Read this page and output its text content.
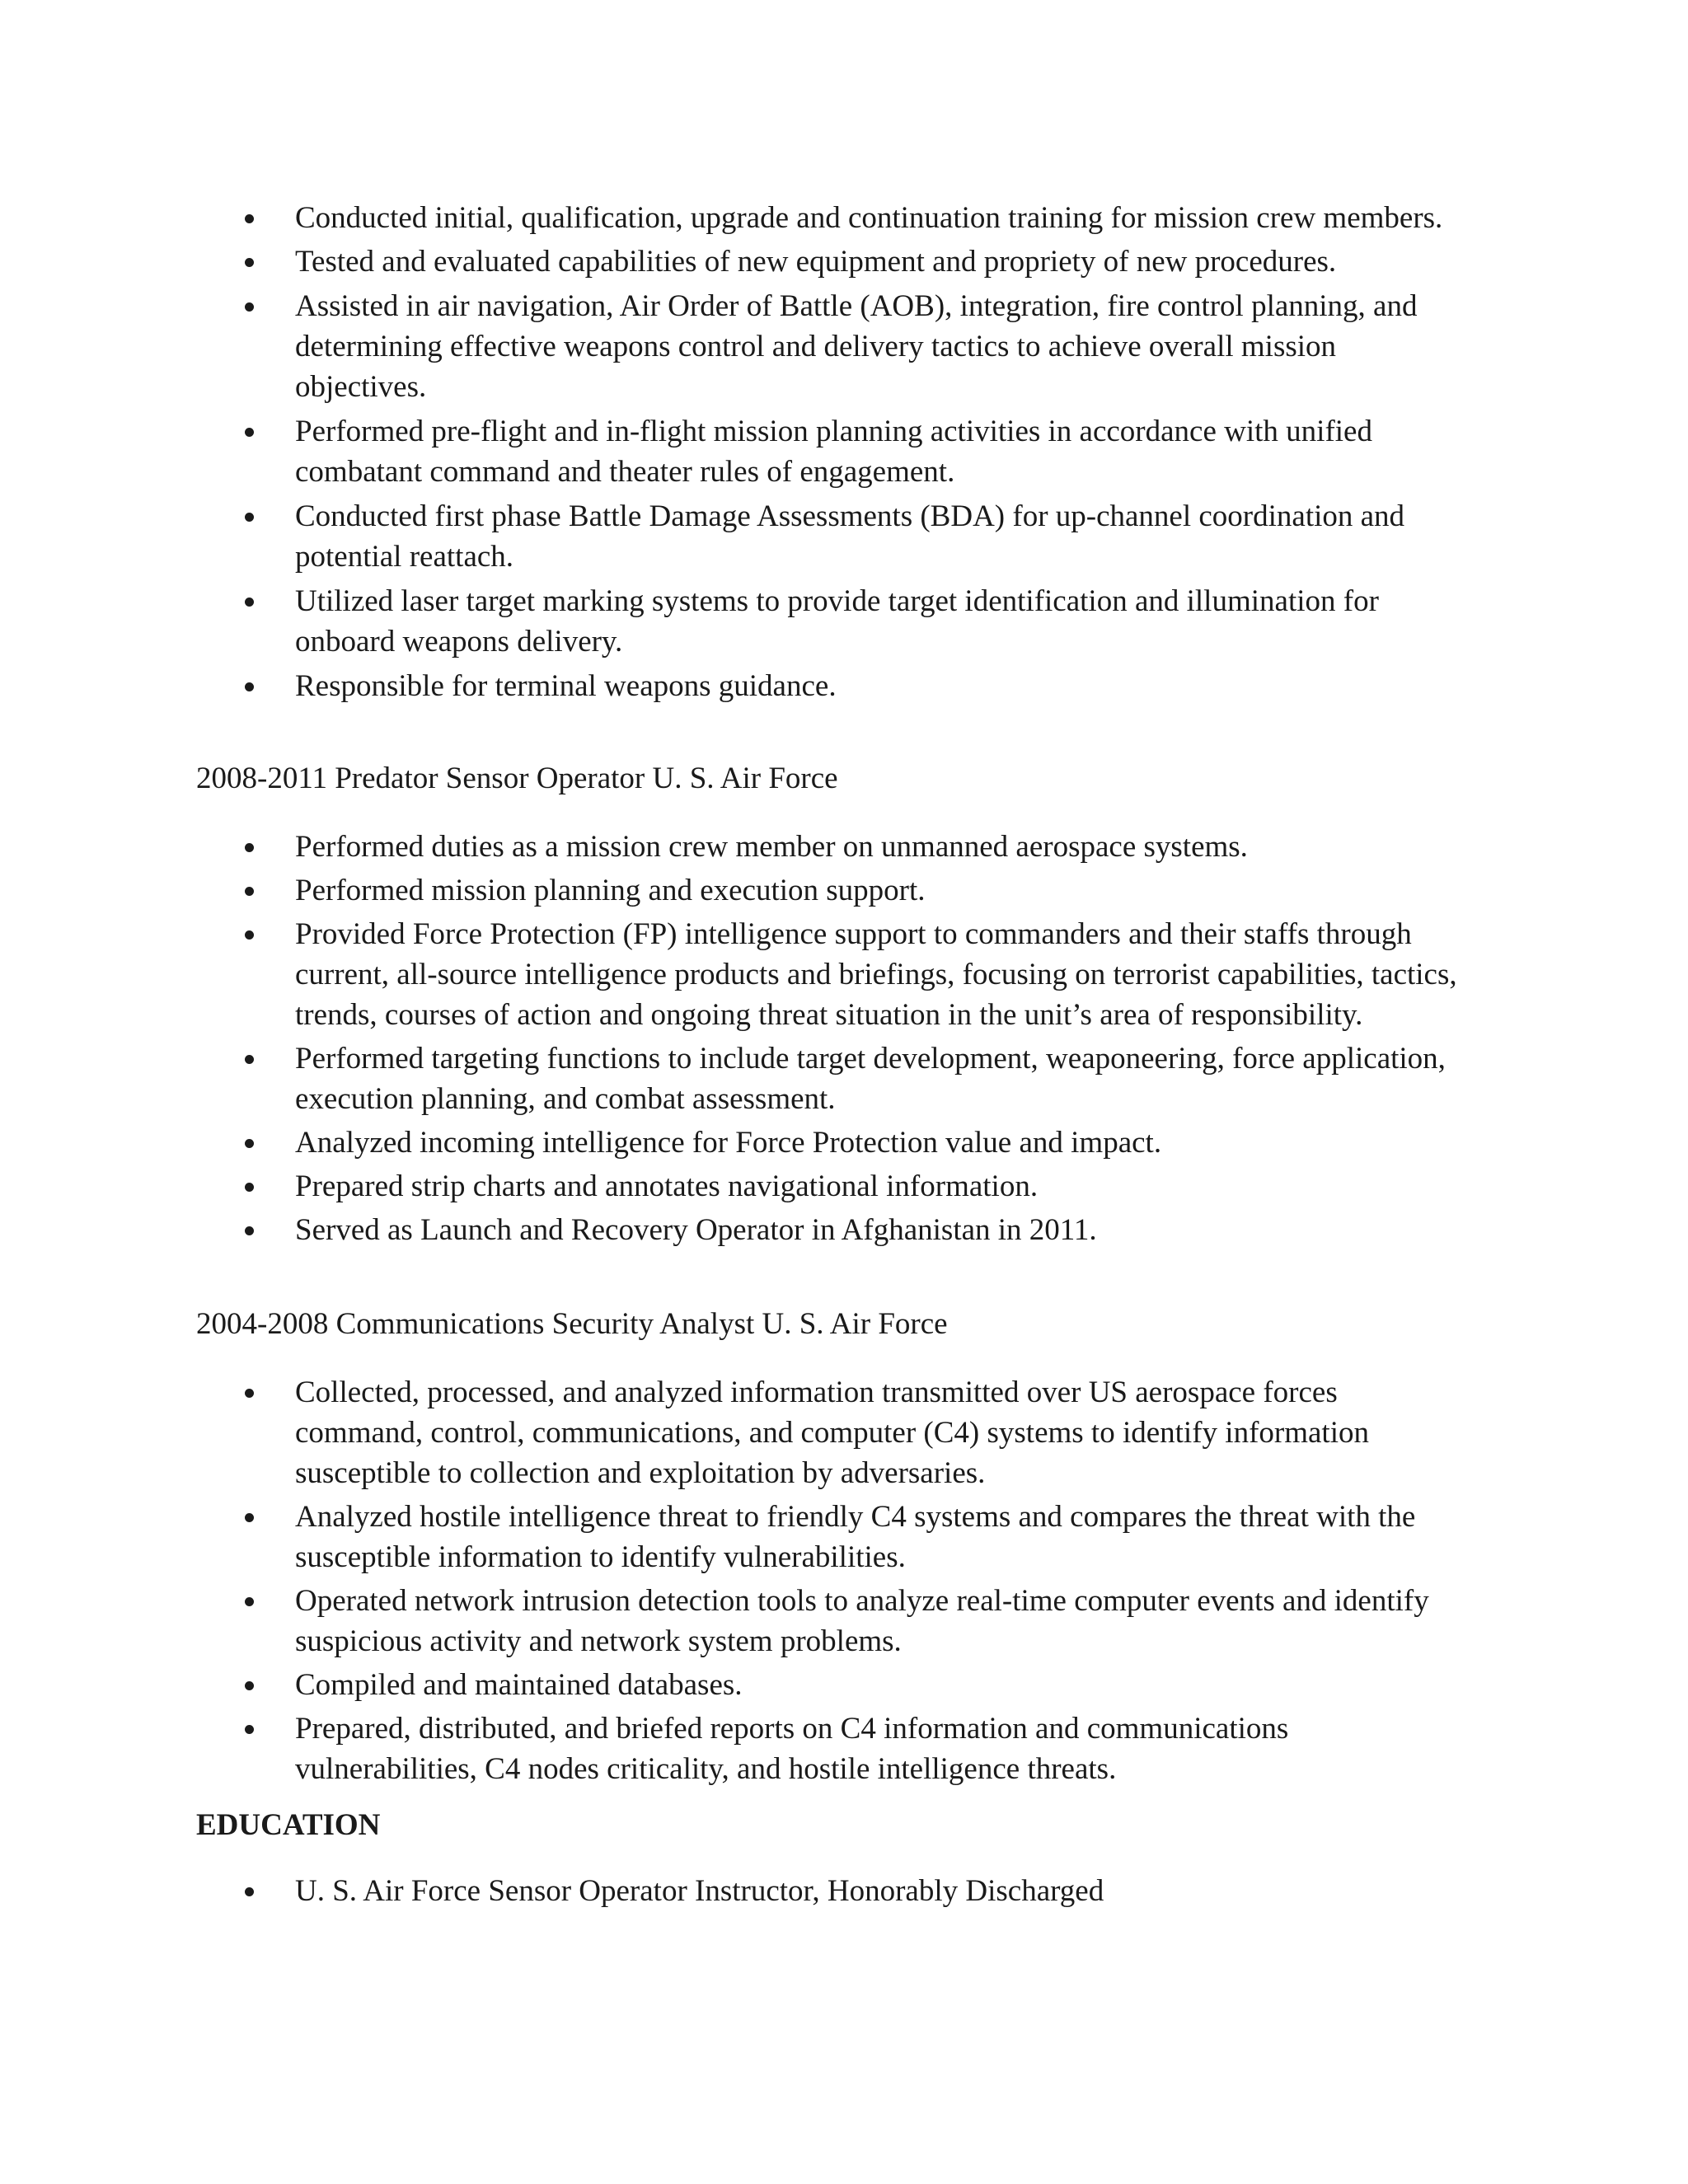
Conducted initial, qualification, upgrade and continuation training for mission crew members.
Tested and evaluated capabilities of new equipment and propriety of new procedures.
Assisted in air navigation, Air Order of Battle (AOB), integration, fire control planning, and determining effective weapons control and delivery tactics to achieve overall mission objectives.
Performed pre-flight and in-flight mission planning activities in accordance with unified combatant command and theater rules of engagement.
Conducted first phase Battle Damage Assessments (BDA) for up-channel coordination and potential reattach.
Utilized laser target marking systems to provide target identification and illumination for onboard weapons delivery.
Responsible for terminal weapons guidance.
2008-2011 Predator Sensor Operator U. S. Air Force
Performed duties as a mission crew member on unmanned aerospace systems.
Performed mission planning and execution support.
Provided Force Protection (FP) intelligence support to commanders and their staffs through current, all-source intelligence products and briefings, focusing on terrorist capabilities, tactics, trends, courses of action and ongoing threat situation in the unit’s area of responsibility.
Performed targeting functions to include target development, weaponeering, force application, execution planning, and combat assessment.
Analyzed incoming intelligence for Force Protection value and impact.
Prepared strip charts and annotates navigational information.
Served as Launch and Recovery Operator in Afghanistan in 2011.
2004-2008 Communications Security Analyst U. S. Air Force
Collected, processed, and analyzed information transmitted over US aerospace forces command, control, communications, and computer (C4) systems to identify information susceptible to collection and exploitation by adversaries.
Analyzed hostile intelligence threat to friendly C4 systems and compares the threat with the susceptible information to identify vulnerabilities.
Operated network intrusion detection tools to analyze real-time computer events and identify suspicious activity and network system problems.
Compiled and maintained databases.
Prepared, distributed, and briefed reports on C4 information and communications vulnerabilities, C4 nodes criticality, and hostile intelligence threats.
EDUCATION
U. S. Air Force Sensor Operator Instructor, Honorably Discharged
